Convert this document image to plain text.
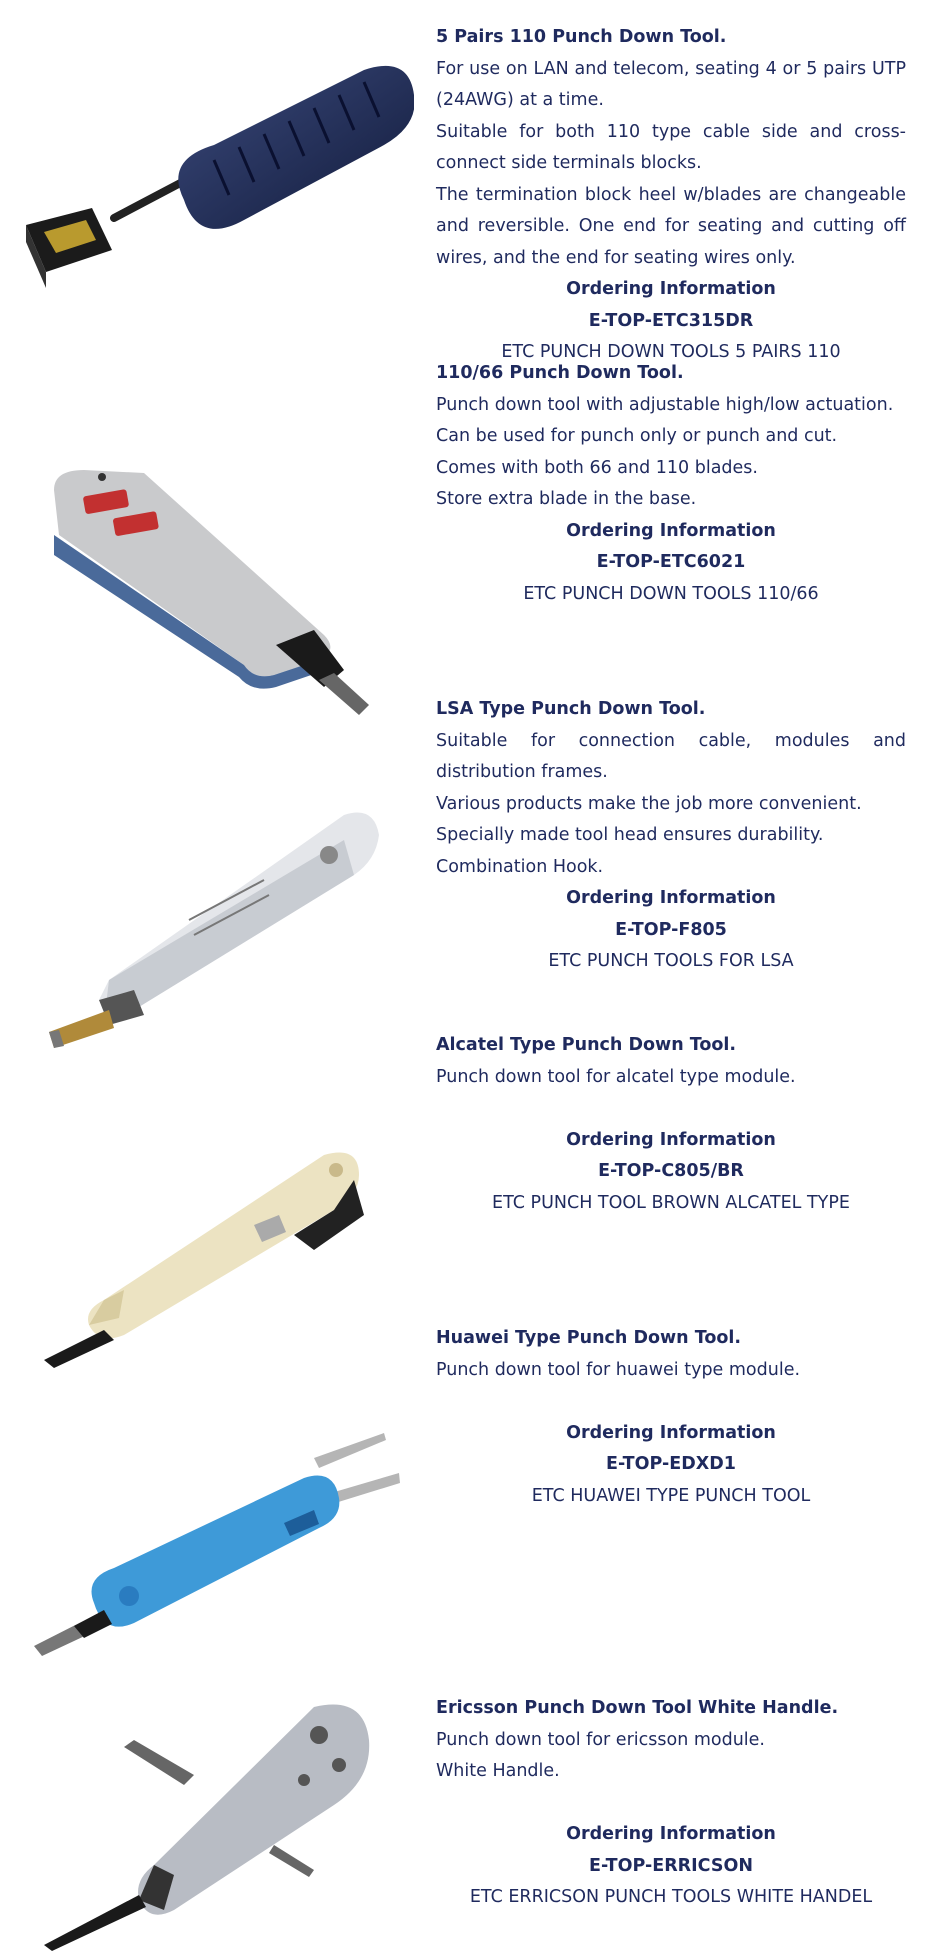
5 Pairs 110 Punch Down Tool.

For use on LAN and telecom, seating 4 or 5 pairs UTP (24AWG) at a time.

Suitable for both 110 type cable side and cross-connect side terminals blocks.

The termination block heel w/blades are changeable and reversible. One end for seating and cutting off wires, and the end for seating wires only.

Ordering Information
E-TOP-ETC315DR
ETC PUNCH DOWN TOOLS 5 PAIRS 110

110/66 Punch Down Tool.

Punch down tool with adjustable high/low actuation.

Can be used for punch only or punch and cut.

Comes with both 66 and 110 blades.

Store extra blade in the base.

Ordering Information
E-TOP-ETC6021
ETC PUNCH DOWN TOOLS 110/66

LSA Type Punch Down Tool.

Suitable for connection cable, modules and distribution frames.

Various products make the job more convenient.

Specially made tool head ensures durability.

Combination Hook.

Ordering Information
E-TOP-F805
ETC PUNCH TOOLS FOR LSA

Alcatel Type Punch Down Tool.

Punch down tool for alcatel type module.

Ordering Information
E-TOP-C805/BR
ETC PUNCH TOOL BROWN ALCATEL TYPE

Huawei Type Punch Down Tool.

Punch down tool for huawei type module.

Ordering Information
E-TOP-EDXD1
ETC HUAWEI TYPE PUNCH TOOL

Ericsson Punch Down Tool White Handle.

Punch down tool for ericsson module.

White Handle.

Ordering Information
E-TOP-ERRICSON
ETC ERRICSON PUNCH TOOLS WHITE HANDEL
